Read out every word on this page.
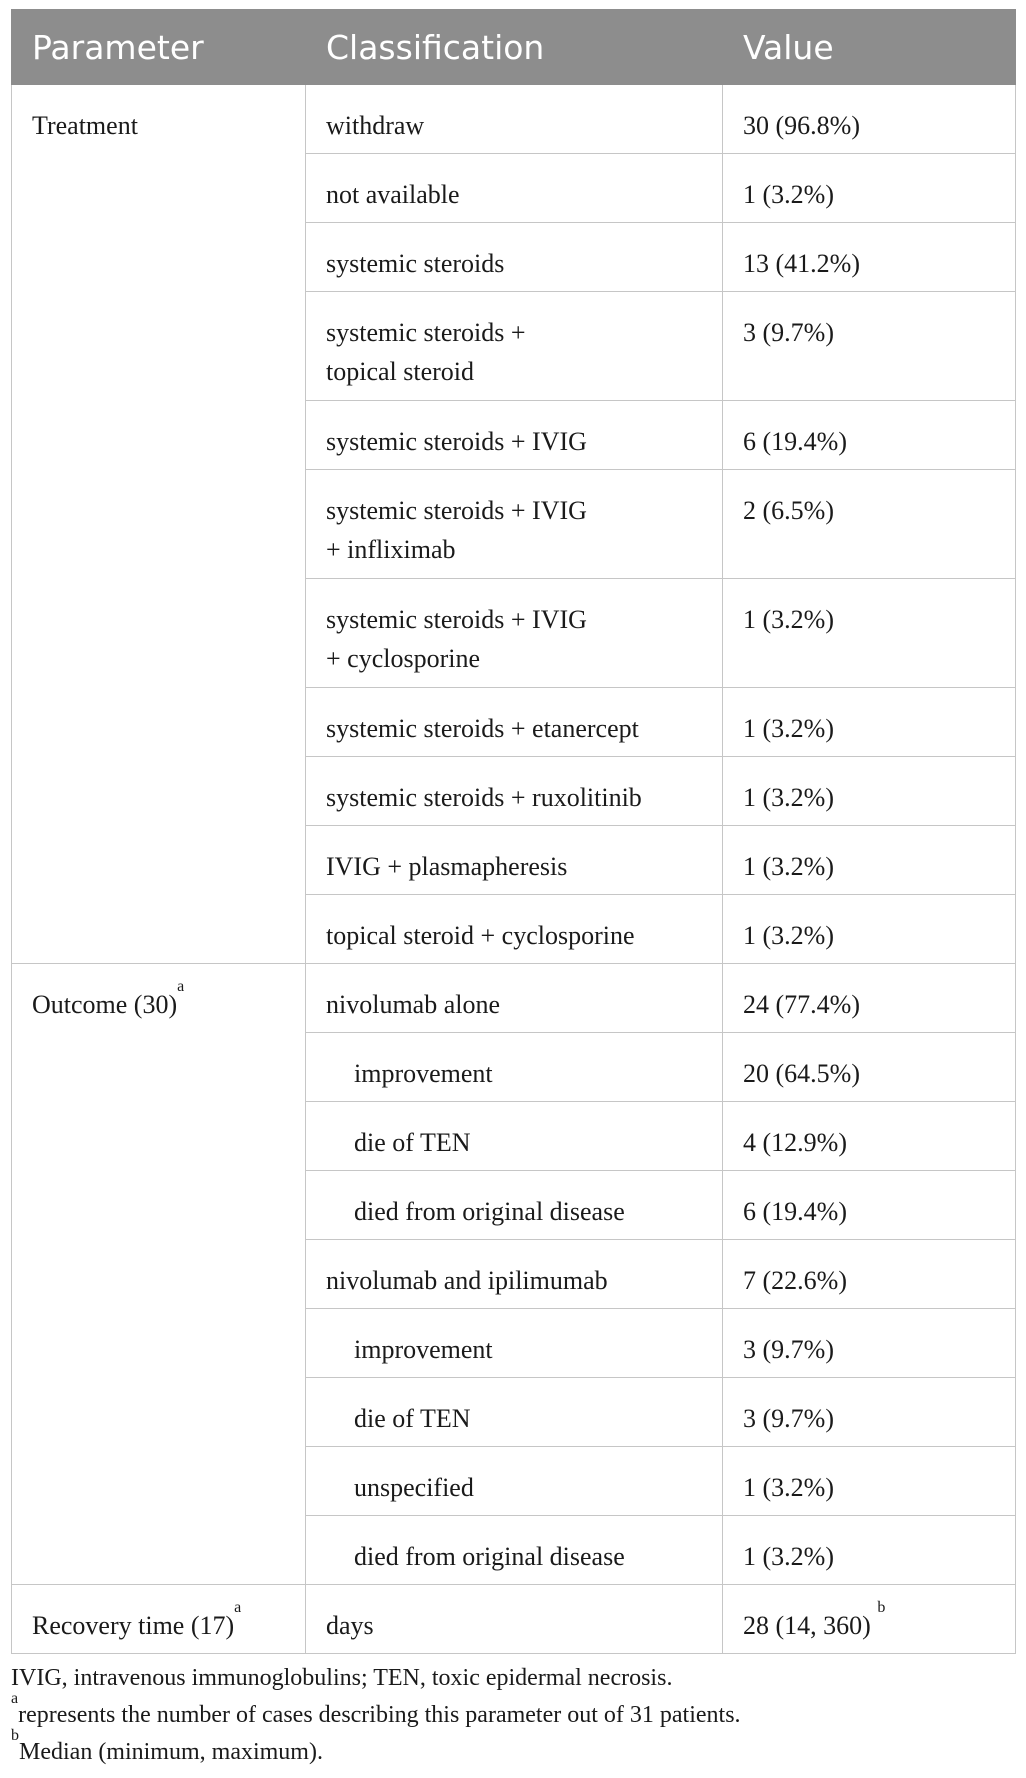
Parameter	Classification	Value
Treatment	withdraw	30 (96.8%)
	not available	1 (3.2%)
	systemic steroids	13 (41.2%)
	systemic steroids +
topical steroid	3 (9.7%)
	systemic steroids + IVIG	6 (19.4%)
	systemic steroids + IVIG
+ infliximab	2 (6.5%)
	systemic steroids + IVIG
+ cyclosporine	1 (3.2%)
	systemic steroids + etanercept	1 (3.2%)
	systemic steroids + ruxolitinib	1 (3.2%)
	IVIG + plasmapheresis	1 (3.2%)
	topical steroid + cyclosporine	1 (3.2%)
Outcome $(30)^a$	nivolumab alone	24 (77.4%)
	improvement	20 (64.5%)
	die of TEN	4 (12.9%)
	died from original disease	6 (19.4%)
	nivolumab and ipilimumab	7 (22.6%)
	improvement	3 (9.7%)
	die of TEN	3 (9.7%)
	unspecified	1 (3.2%)
	died from original disease	1 (3.2%)
Recovery time $(17)^a$	days	28 (14, 360) $^b$

IVIG, intravenous immunoglobulins; TEN, toxic epidermal necrosis.

$^a$represents the number of cases describing this parameter out of 31 patients.

$^b$Median (minimum, maximum).
